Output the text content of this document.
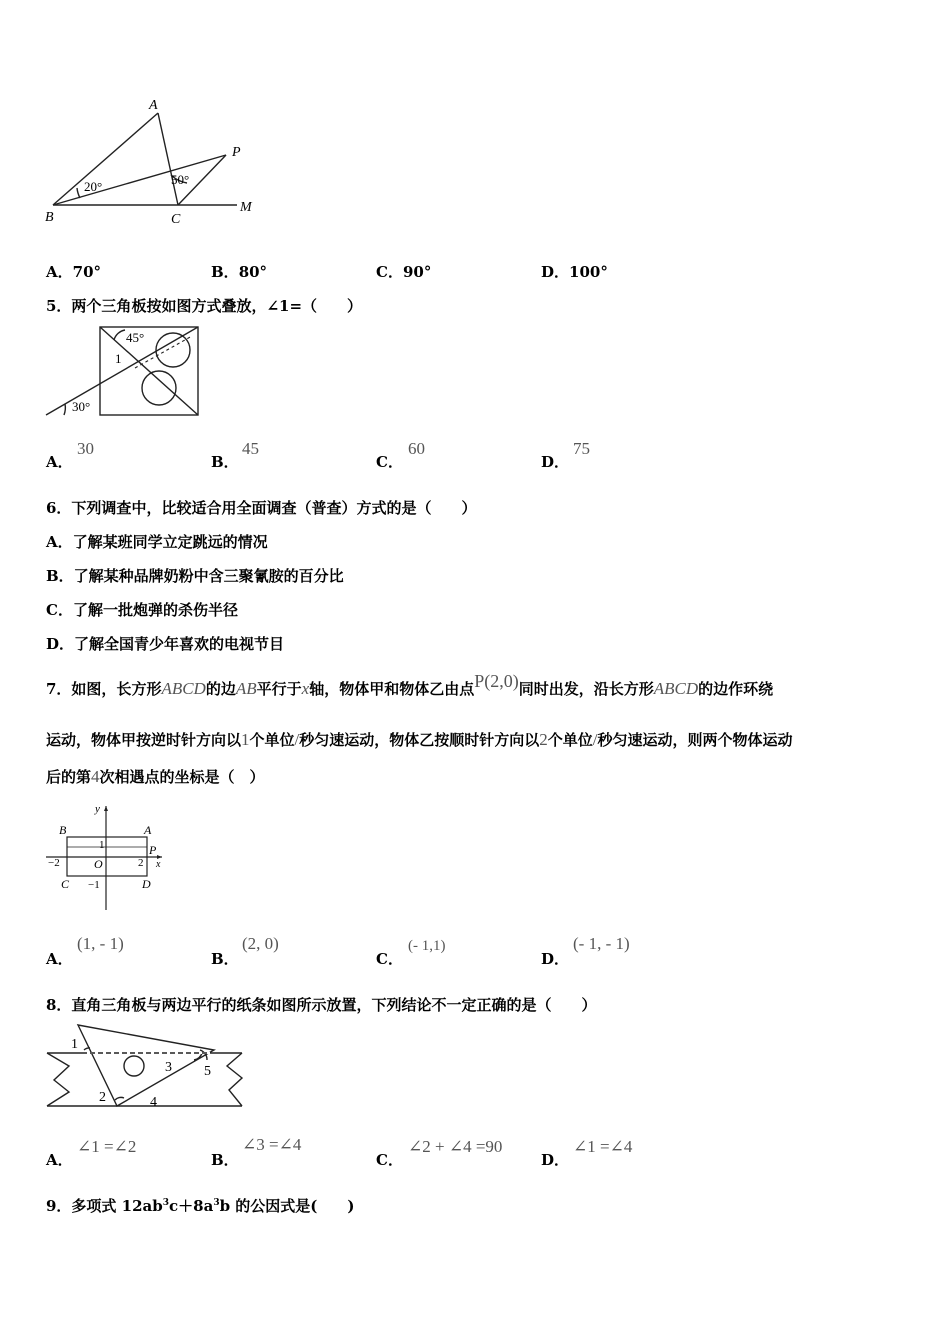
A
P
B	C
M
20°	50°
A．70°	B．80°	C．90°	D．100°
5．两个三角板按如图方式叠放，∠1=（　　）
45°
1
30°
A．
30
B．
45
C．
60
D．
75
6．下列调查中，比较适合用全面调查（普查）方式的是（　　）
A．了解某班同学立定跳远的情况
B．了解某种品牌奶粉中含三聚氰胺的百分比
C．了解一批炮弹的杀伤半径
D．了解全国青少年喜欢的电视节目
7．如图，长方形ABCD的边AB平行于x轴，物体甲和物体乙由点P(2,0)同时出发，沿长方形ABCD的边作环绕
运动，物体甲按逆时针方向以1个单位/秒匀速运动，物体乙按顺时针方向以2个单位/秒匀速运动，则两个物体运动
后的第4次相遇点的坐标是（　）
y
B	A
1
−2	O	2
P
x
C −1	D
A．
(1, - 1)
B．
(2, 0)
C．
(- 1,1)
D．
(- 1, - 1)
8．直角三角板与两边平行的纸条如图所示放置，下列结论不一定正确的是（　　）
1
3 5
2	4
A．
∠1 =∠2
B．
∠3 =∠4
C．
∠2 + ∠4 =90
D．
∠1 =∠4
9．多项式 $12ab^3c+8a^3b$ 的公因式是(　　)
